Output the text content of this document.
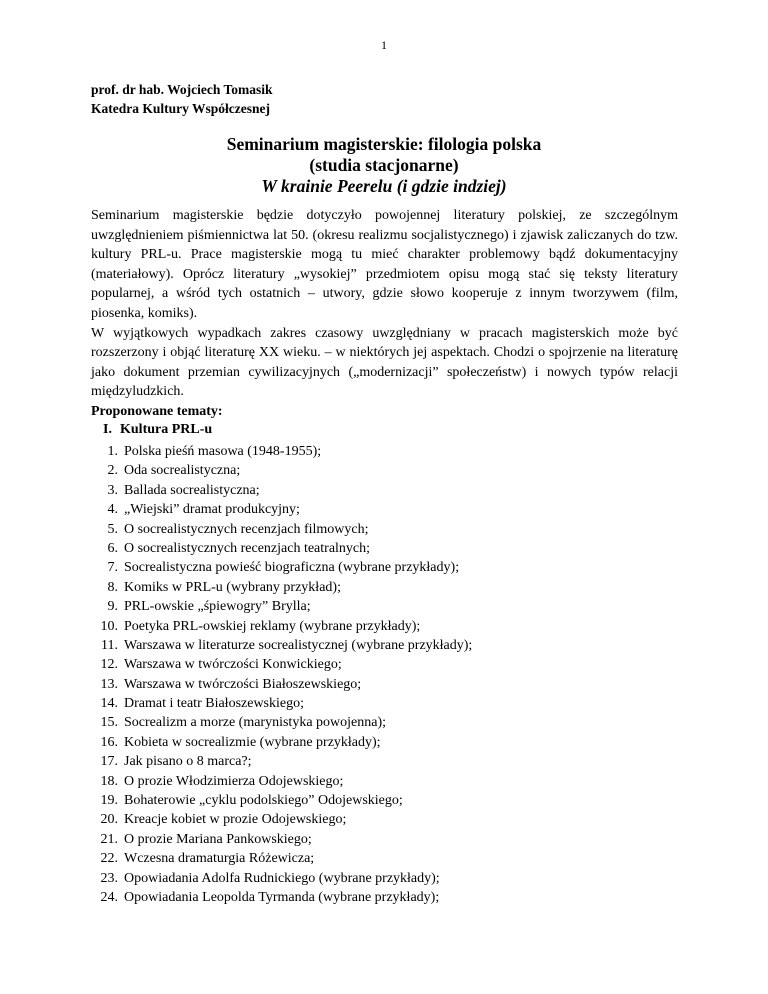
1
prof. dr hab. Wojciech Tomasik
Katedra Kultury Współczesnej
Seminarium magisterskie: filologia polska
(studia stacjonarne)
W krainie Peerelu (i gdzie indziej)

Seminarium magisterskie będzie dotyczyło powojennej literatury polskiej, ze szczególnym uwzględnieniem piśmiennictwa lat 50. (okresu realizmu socjalistycznego) i zjawisk zaliczanych do tzw. kultury PRL-u. Prace magisterskie mogą tu mieć charakter problemowy bądź dokumentacyjny (materiałowy). Oprócz literatury „wysokiej” przedmiotem opisu mogą stać się teksty literatury popularnej, a wśród tych ostatnich – utwory, gdzie słowo kooperuje z innym tworzywem (film, piosenka, komiks).

W wyjątkowych wypadkach zakres czasowy uwzględniany w pracach magisterskich może być rozszerzony i objąć literaturę XX wieku. – w niektórych jej aspektach. Chodzi o spojrzenie na literaturę jako dokument przemian cywilizacyjnych („modernizacji” społeczeństw) i nowych typów relacji międzyludzkich.

Proponowane tematy:
I. Kultura PRL-u
1. Polska pieśń masowa (1948-1955);
2. Oda socrealistyczna;
3. Ballada socrealistyczna;
4. „Wiejski” dramat produkcyjny;
5. O socrealistycznych recenzjach filmowych;
6. O socrealistycznych recenzjach teatralnych;
7. Socrealistyczna powieść biograficzna (wybrane przykłady);
8. Komiks w PRL-u (wybrany przykład);
9. PRL-owskie „śpiewogry” Brylla;
10. Poetyka PRL-owskiej reklamy (wybrane przykłady);
11. Warszawa w literaturze socrealistycznej (wybrane przykłady);
12. Warszawa w twórczości Konwickiego;
13. Warszawa w twórczości Białoszewskiego;
14. Dramat i teatr Białoszewskiego;
15. Socrealizm a morze (marynistyka powojenna);
16. Kobieta w socrealizmie (wybrane przykłady);
17. Jak pisano o 8 marca?;
18. O prozie Włodzimierza Odojewskiego;
19. Bohaterowie „cyklu podolskiego” Odojewskiego;
20. Kreacje kobiet w prozie Odojewskiego;
21. O prozie Mariana Pankowskiego;
22. Wczesna dramaturgia Różewicza;
23. Opowiadania Adolfa Rudnickiego (wybrane przykłady);
24. Opowiadania Leopolda Tyrmanda (wybrane przykłady);
